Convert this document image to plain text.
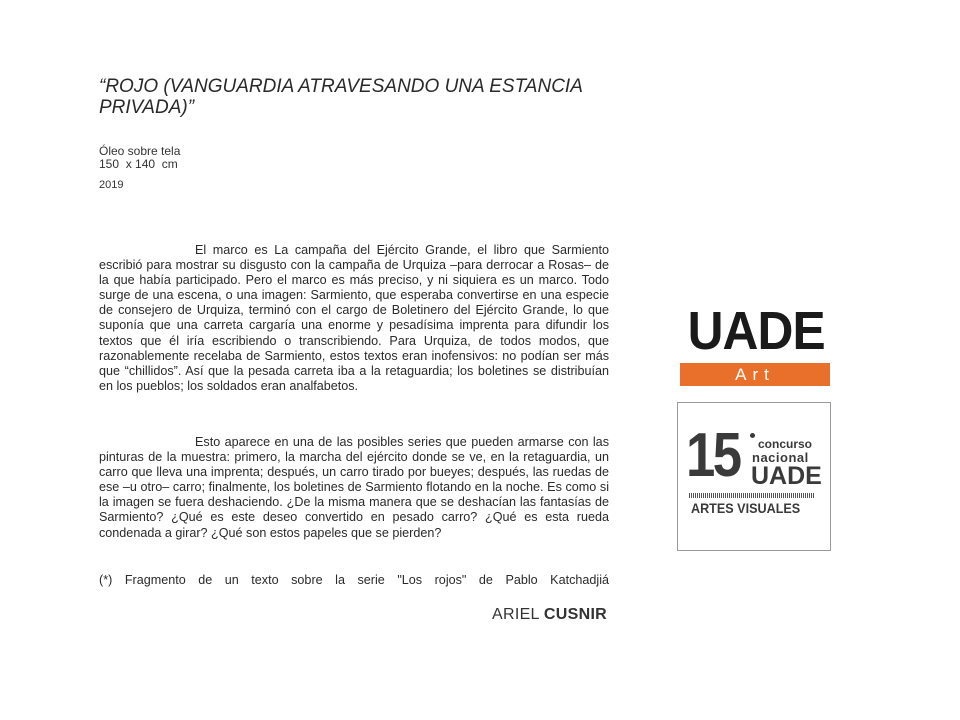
“ROJO (VANGUARDIA ATRAVESANDO UNA ESTANCIA PRIVADA)”
Óleo sobre tela
150  x 140  cm
2019

El marco es La campaña del Ejército Grande, el libro que Sarmiento escribió para mostrar su disgusto con la campaña de Urquiza –para derrocar a Rosas– de la que había participado. Pero el marco es más preciso, y ni siquiera es un marco. Todo surge de una escena, o una imagen: Sarmiento, que esperaba convertirse en una especie de consejero de Urquiza, terminó con el cargo de Boletinero del Ejército Grande, lo que suponía que una carreta cargaría una enorme y pesadísima imprenta para difundir los textos que él iría escribiendo o transcribiendo. Para Urquiza, de todos modos, que razonablemente recelaba de Sarmiento, estos textos eran inofensivos: no podían ser más que “chillidos”. Así que la pesada carreta iba a la retaguardia; los boletines se distribuían en los pueblos; los soldados eran analfabetos.

Esto aparece en una de las posibles series que pueden armarse con las pinturas de la muestra: primero, la marcha del ejército donde se ve, en la retaguardia, un carro que lleva una imprenta; después, un carro tirado por bueyes; después, las ruedas de ese –u otro– carro; finalmente, los boletines de Sarmiento flotando en la noche. Es como si la imagen se fuera deshaciendo. ¿De la misma manera que se deshacían las fantasías de Sarmiento? ¿Qué es este deseo convertido en pesado carro? ¿Qué es esta rueda condenada a girar? ¿Qué son estos papeles que se pierden?

(*) Fragmento de un texto sobre la serie "Los rojos" de Pablo Katchadjiá
ARIEL CUSNIR
UADE
Art
15 concurso
nacional
UADE
ARTES VISUALES
